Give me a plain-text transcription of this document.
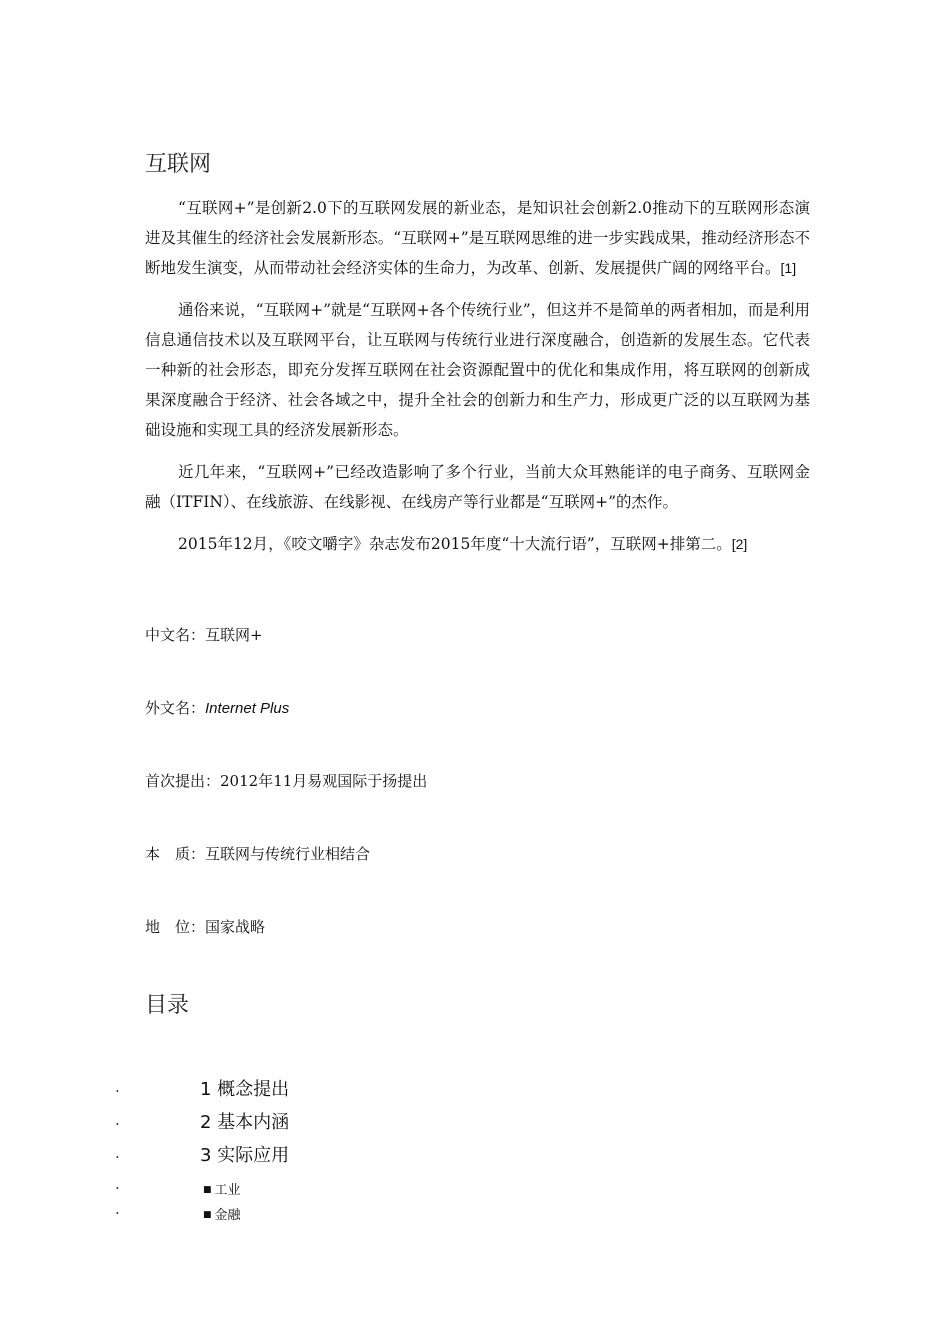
互联网

“互联网+”是创新2.0下的互联网发展的新业态，是知识社会创新2.0推动下的互联网形态演进及其催生的经济社会发展新形态。“互联网+”是互联网思维的进一步实践成果，推动经济形态不断地发生演变，从而带动社会经济实体的生命力，为改革、创新、发展提供广阔的网络平台。[1]

通俗来说，“互联网+”就是“互联网+各个传统行业”，但这并不是简单的两者相加，而是利用信息通信技术以及互联网平台，让互联网与传统行业进行深度融合，创造新的发展生态。它代表一种新的社会形态，即充分发挥互联网在社会资源配置中的优化和集成作用，将互联网的创新成果深度融合于经济、社会各域之中，提升全社会的创新力和生产力，形成更广泛的以互联网为基础设施和实现工具的经济发展新形态。

近几年来，“互联网+”已经改造影响了多个行业，当前大众耳熟能详的电子商务、互联网金融（ITFIN）、在线旅游、在线影视、在线房产等行业都是“互联网+”的杰作。

2015年12月，《咬文嚼字》杂志发布2015年度“十大流行语”，互联网+排第二。[2]

中文名：互联网+
外文名：Internet Plus
首次提出：2012年11月易观国际于扬提出
本　质：互联网与传统行业相结合
地　位：国家战略
目录
.	1 概念提出
.	2 基本内涵
.	3 实际应用
·	■ 工业
·	■ 金融
